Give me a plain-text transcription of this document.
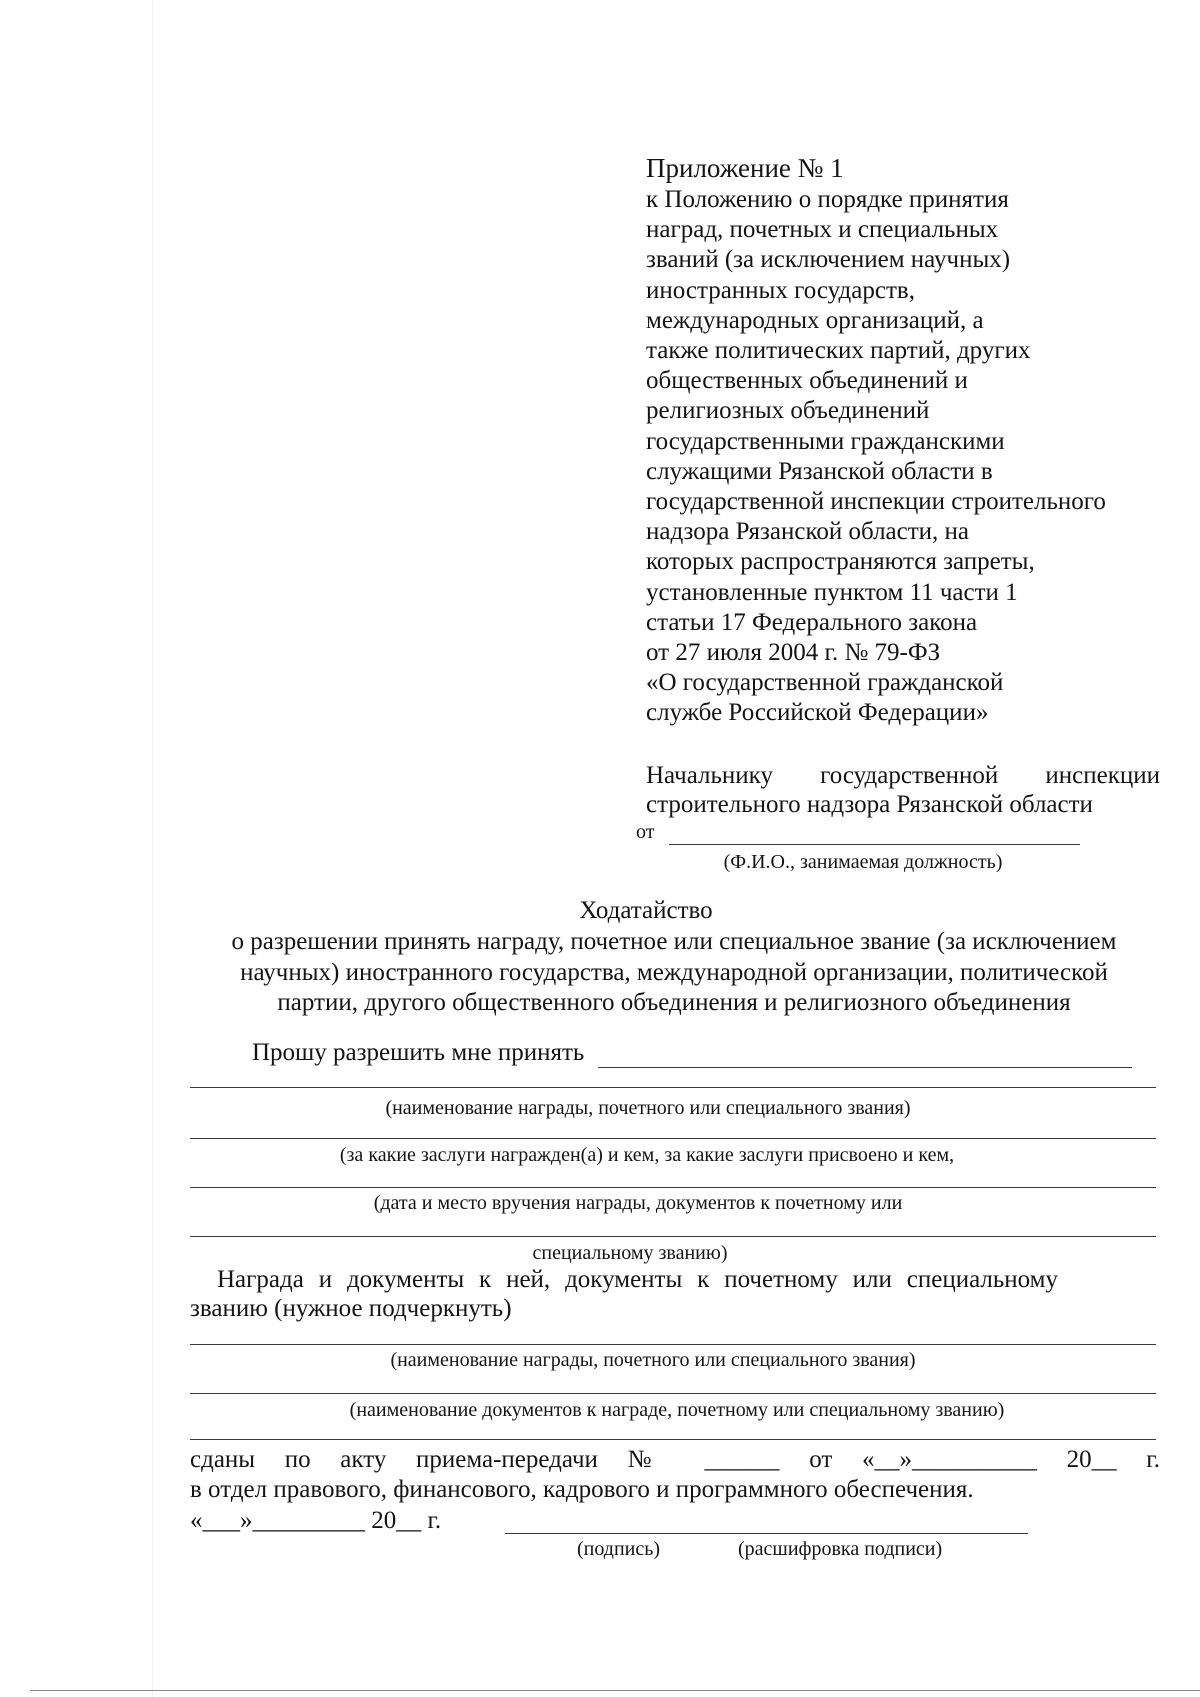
Приложение № 1
к Положению о порядке принятия
наград, почетных и специальных
званий (за исключением научных)
иностранных государств,
международных организаций, а
также политических партий, других
общественных объединений и
религиозных объединений
государственными гражданскими
служащими Рязанской области в
государственной инспекции строительного
надзора Рязанской области, на
которых распространяются запреты,
установленные пунктом 11 части 1
статьи 17 Федерального закона
от 27 июля 2004 г. № 79-ФЗ
«О государственной гражданской
службе Российской Федерации»
Начальнику государственной инспекции
строительного надзора Рязанской области
от
(Ф.И.О., занимаемая должность)
Ходатайство
о разрешении принять награду, почетное или специальное звание (за исключением
научных) иностранного государства, международной организации, политической
партии, другого общественного объединения и религиозного объединения
Прошу разрешить мне принять
(наименование награды, почетного или специального звания)
(за какие заслуги награжден(а) и кем, за какие заслуги присвоено и кем,
(дата и место вручения награды, документов к почетному или
специальному званию)
Награда и документы к ней, документы к почетному или специальному
званию (нужное подчеркнуть)
(наименование награды, почетного или специального звания)
(наименование документов к награде, почетному или специальному званию)
сданы по акту приема-передачи № ______ от «__»__________ 20__ г.
в отдел правового, финансового, кадрового и программного обеспечения.
«___»_________ 20__ г.
(подпись)	(расшифровка подписи)
